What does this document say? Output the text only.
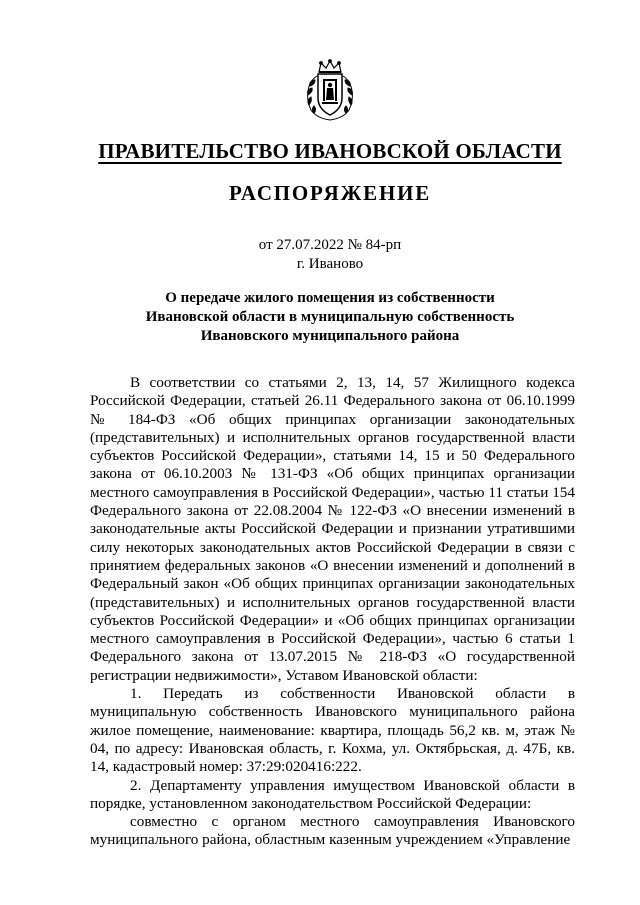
ПРАВИТЕЛЬСТВО ИВАНОВСКОЙ ОБЛАСТИ
РАСПОРЯЖЕНИЕ
от 27.07.2022 № 84-рп
г. Иваново
О передаче жилого помещения из собственности
Ивановской области в муниципальную собственность
Ивановского муниципального района

В соответствии со статьями 2, 13, 14, 57 Жилищного кодекса Российской Федерации, статьей 26.11 Федерального закона от 06.10.1999 № 184-ФЗ «Об общих принципах организации законодательных (представительных) и исполнительных органов государственной власти субъектов Российской Федерации», статьями 14, 15 и 50 Федерального закона от 06.10.2003 № 131-ФЗ «Об общих принципах организации местного самоуправления в Российской Федерации», частью 11 статьи 154 Федерального закона от 22.08.2004 № 122-ФЗ «О внесении изменений в законодательные акты Российской Федерации и признании утратившими силу некоторых законодательных актов Российской Федерации в связи с принятием федеральных законов «О внесении изменений и дополнений в Федеральный закон «Об общих принципах организации законодательных (представительных) и исполнительных органов государственной власти субъектов Российской Федерации» и «Об общих принципах организации местного самоуправления в Российской Федерации», частью 6 статьи 1 Федерального закона от 13.07.2015 № 218-ФЗ «О государственной регистрации недвижимости», Уставом Ивановской области:

1. Передать из собственности Ивановской области в муниципальную собственность Ивановского муниципального района жилое помещение, наименование: квартира, площадь 56,2 кв. м, этаж № 04, по адресу: Ивановская область, г. Кохма, ул. Октябрьская, д. 47Б, кв. 14, кадастровый номер: 37:29:020416:222.

2. Департаменту управления имуществом Ивановской области в порядке, установленном законодательством Российской Федерации:

совместно с органом местного самоуправления Ивановского муниципального района, областным казенным учреждением «Управление
